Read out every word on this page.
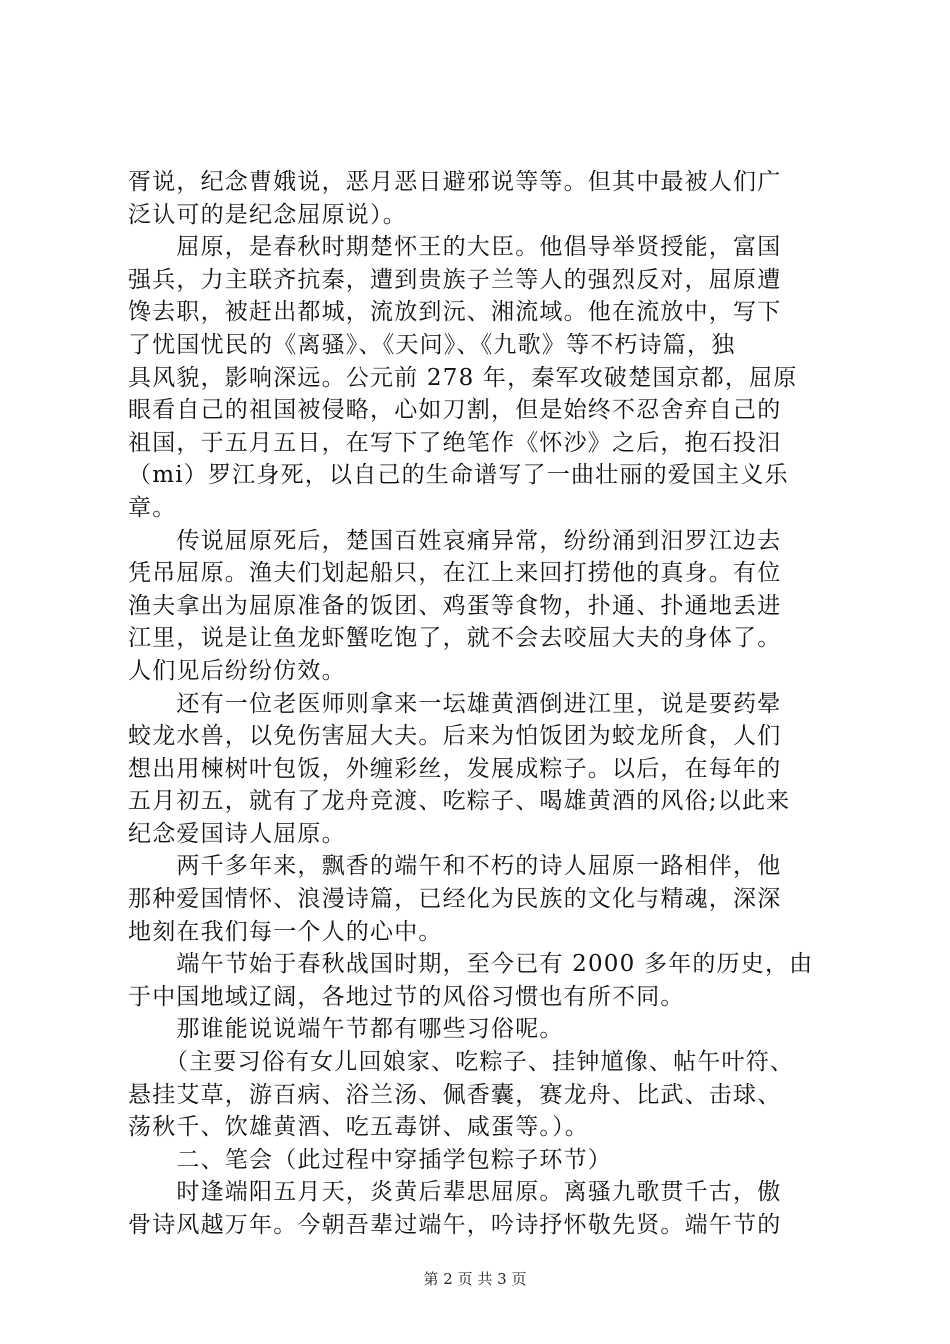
胥说，纪念曹娥说，恶月恶日避邪说等等。但其中最被人们广
泛认可的是纪念屈原说）。
　　屈原，是春秋时期楚怀王的大臣。他倡导举贤授能，富国
强兵，力主联齐抗秦，遭到贵族子兰等人的强烈反对，屈原遭
馋去职，被赶出都城，流放到沅、湘流域。他在流放中，写下
了忧国忧民的《离骚》、《天问》、《九歌》等不朽诗篇，独
具风貌，影响深远。公元前 278 年，秦军攻破楚国京都，屈原
眼看自己的祖国被侵略，心如刀割，但是始终不忍舍弃自己的
祖国，于五月五日，在写下了绝笔作《怀沙》之后，抱石投汨
（mi）罗江身死，以自己的生命谱写了一曲壮丽的爱国主义乐
章。
　　传说屈原死后，楚国百姓哀痛异常，纷纷涌到汨罗江边去
凭吊屈原。渔夫们划起船只，在江上来回打捞他的真身。有位
渔夫拿出为屈原准备的饭团、鸡蛋等食物，扑通、扑通地丢进
江里，说是让鱼龙虾蟹吃饱了，就不会去咬屈大夫的身体了。
人们见后纷纷仿效。
　　还有一位老医师则拿来一坛雄黄酒倒进江里，说是要药晕
蛟龙水兽，以免伤害屈大夫。后来为怕饭团为蛟龙所食，人们
想出用楝树叶包饭，外缠彩丝，发展成粽子。以后，在每年的
五月初五，就有了龙舟竞渡、吃粽子、喝雄黄酒的风俗;以此来
纪念爱国诗人屈原。
　　两千多年来，飘香的端午和不朽的诗人屈原一路相伴，他
那种爱国情怀、浪漫诗篇，已经化为民族的文化与精魂，深深
地刻在我们每一个人的心中。
　　端午节始于春秋战国时期，至今已有 2000 多年的历史，由
于中国地域辽阔，各地过节的风俗习惯也有所不同。
　　那谁能说说端午节都有哪些习俗呢。
　　（主要习俗有女儿回娘家、吃粽子、挂钟馗像、帖午叶符、
悬挂艾草，游百病、浴兰汤、佩香囊，赛龙舟、比武、击球、
荡秋千、饮雄黄酒、吃五毒饼、咸蛋等。）。
　　二、笔会（此过程中穿插学包粽子环节）
　　时逢端阳五月天，炎黄后辈思屈原。离骚九歌贯千古，傲
骨诗风越万年。今朝吾辈过端午，吟诗抒怀敬先贤。端午节的
第 2 页 共 3 页
